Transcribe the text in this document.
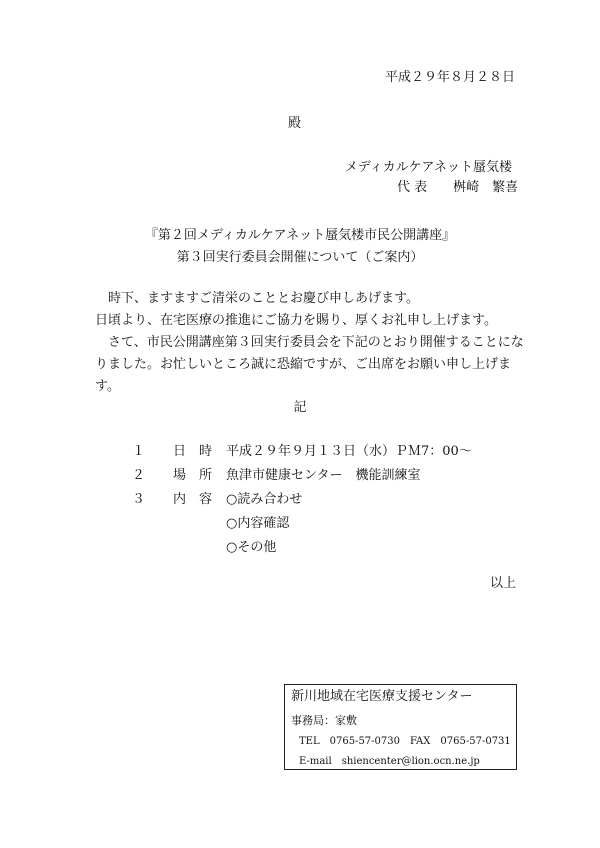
平成２９年８月２８日
殿
メディカルケアネット蜃気楼
代 表 桝崎　繁喜
『第２回メディカルケアネット蜃気楼市民公開講座』
第３回実行委員会開催について（ご案内）

時下、ますますご清栄のこととお慶び申しあげます。

日頃より、在宅医療の推進にご協力を賜り、厚くお礼申し上げます。

さて、市民公開講座第３回実行委員会を下記のとおり開催することになりました。お忙しいところ誠に恐縮ですが、ご出席をお願い申し上げます。

記
１ 日　時 平成２９年９月１３日（水）ＰＭ7：00～
２ 場　所 魚津市健康センター　機能訓練室
３ 内　容 ○読み合わせ
○内容確認
○その他
以上
新川地域在宅医療支援センター
事務局：家敷
TEL　0765-57-0730　FAX　0765-57-0731
E-mail　shiencenter@lion.ocn.ne.jp
